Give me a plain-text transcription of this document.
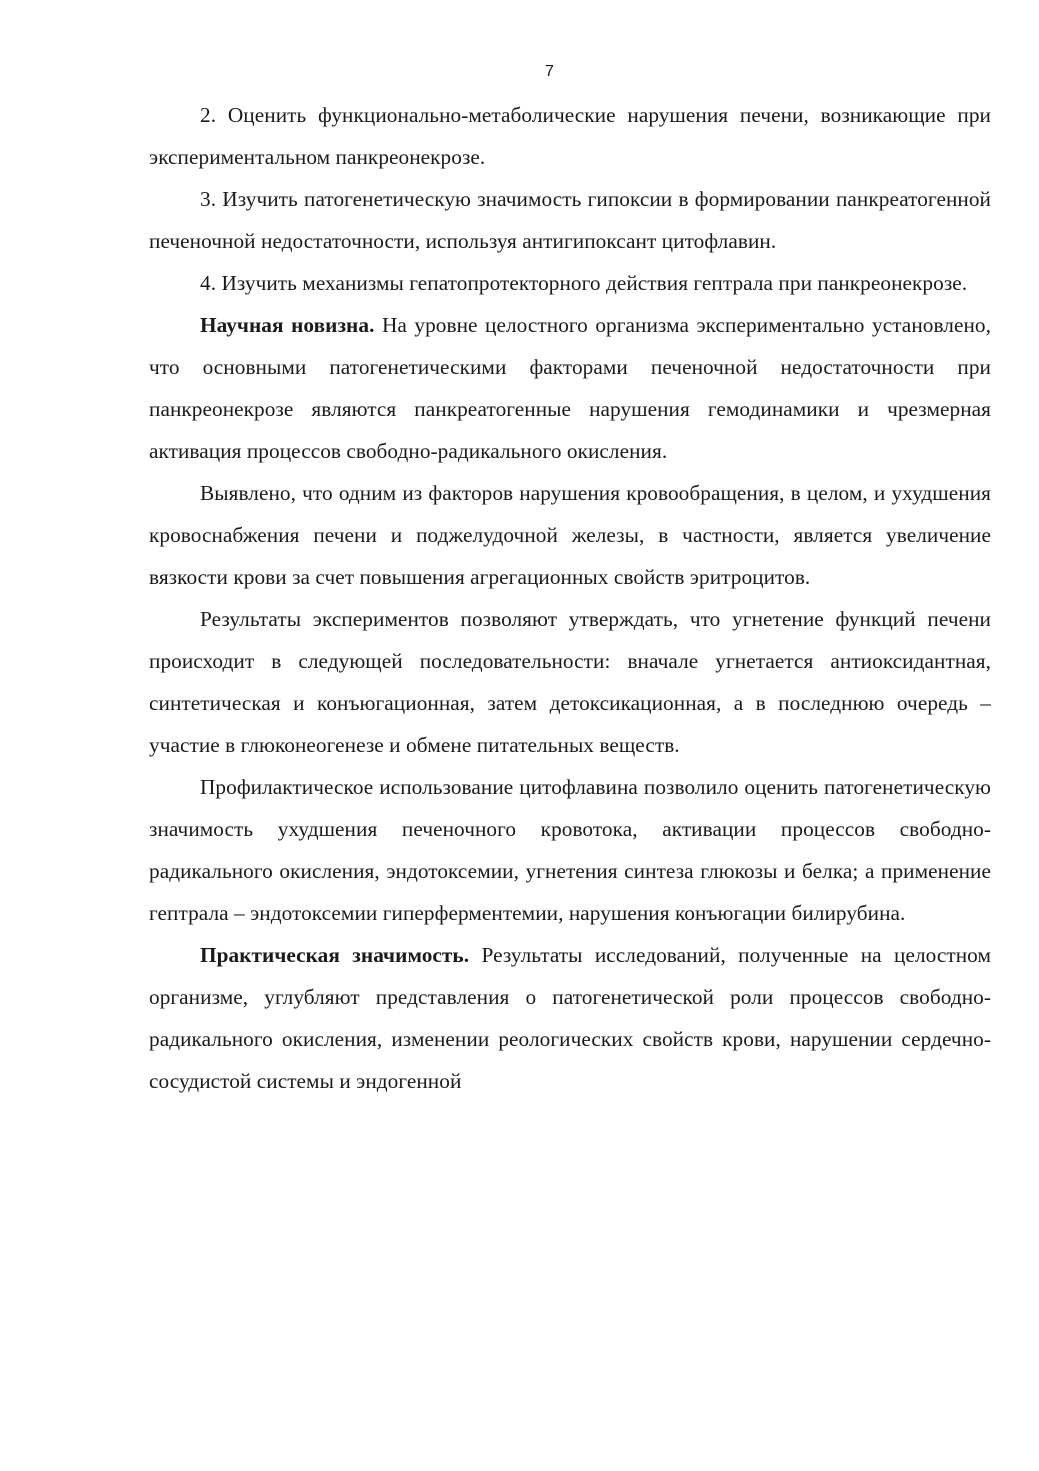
7

2. Оценить функционально-метаболические нарушения печени, возникающие при экспериментальном панкреонекрозе.

3. Изучить патогенетическую значимость гипоксии в формировании панкреатогенной печеночной недостаточности, используя антигипоксант цитофлавин.

4. Изучить механизмы гепатопротекторного действия гептрала при панкреонекрозе.

Научная новизна. На уровне целостного организма экспериментально установлено, что основными патогенетическими факторами печеночной недостаточности при панкреонекрозе являются панкреатогенные нарушения гемодинамики и чрезмерная активация процессов свободно-радикального окисления.

Выявлено, что одним из факторов нарушения кровообращения, в целом, и ухудшения кровоснабжения печени и поджелудочной железы, в частности, является увеличение вязкости крови за счет повышения агрегационных свойств эритроцитов.

Результаты экспериментов позволяют утверждать, что угнетение функций печени происходит в следующей последовательности: вначале угнетается антиоксидантная, синтетическая и конъюгационная, затем детоксикационная, а в последнюю очередь – участие в глюконеогенезе и обмене питательных веществ.

Профилактическое использование цитофлавина позволило оценить патогенетическую значимость ухудшения печеночного кровотока, активации процессов свободно-радикального окисления, эндотоксемии, угнетения синтеза глюкозы и белка; а применение гептрала – эндотоксемии гиперферментемии, нарушения конъюгации билирубина.

Практическая значимость. Результаты исследований, полученные на целостном организме, углубляют представления о патогенетической роли процессов свободно-радикального окисления, изменении реологических свойств крови, нарушении сердечно-сосудистой системы и эндогенной
